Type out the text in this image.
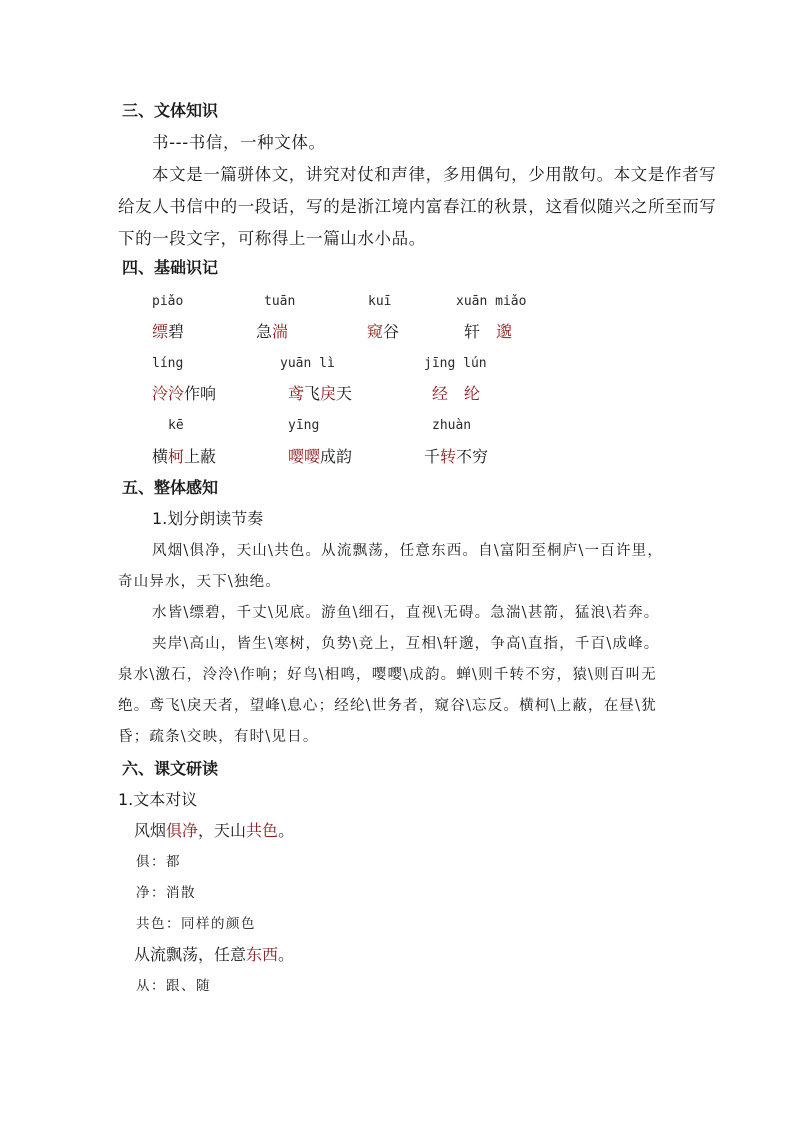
三、文体知识
书---书信，一种文体。
本文是一篇骈体文，讲究对仗和声律，多用偶句，少用散句。本文是作者写
给友人书信中的一段话，写的是浙江境内富春江的秋景，这看似随兴之所至而写
下的一段文字，可称得上一篇山水小品。
四、基础识记
piǎo	tuān	kuī	xuān miǎo
缥碧	急湍	窥谷	轩　 邈
líng	yuān lì	jīng lún
泠泠作响	鸢飞戾天	经　 纶
kē	yīng	zhuàn
横柯上蔽	嘤嘤成韵	千转不穷
五、整体感知
1.划分朗读节奏
风烟\俱净，天山\共色。从流飘荡，任意东西。自\富阳至桐庐\一百许里，
奇山异水，天下\独绝。
水皆\缥碧，千丈\见底。游鱼\细石，直视\无碍。急湍\甚箭，猛浪\若奔。
夹岸\高山，皆生\寒树，负势\竞上，互相\轩邈，争高\直指，千百\成峰。
泉水\激石，泠泠\作响；好鸟\相鸣，嘤嘤\成韵。蝉\则千转不穷，猿\则百叫无
绝。鸢飞\戾天者，望峰\息心；经纶\世务者，窥谷\忘反。横柯\上蔽，在昼\犹
昏；疏条\交映，有时\见日。
六、课文研读
1.文本对议
风烟俱净，天山共色。
俱：都
净：消散
共色：同样的颜色
从流飘荡，任意东西。
从：跟、随
